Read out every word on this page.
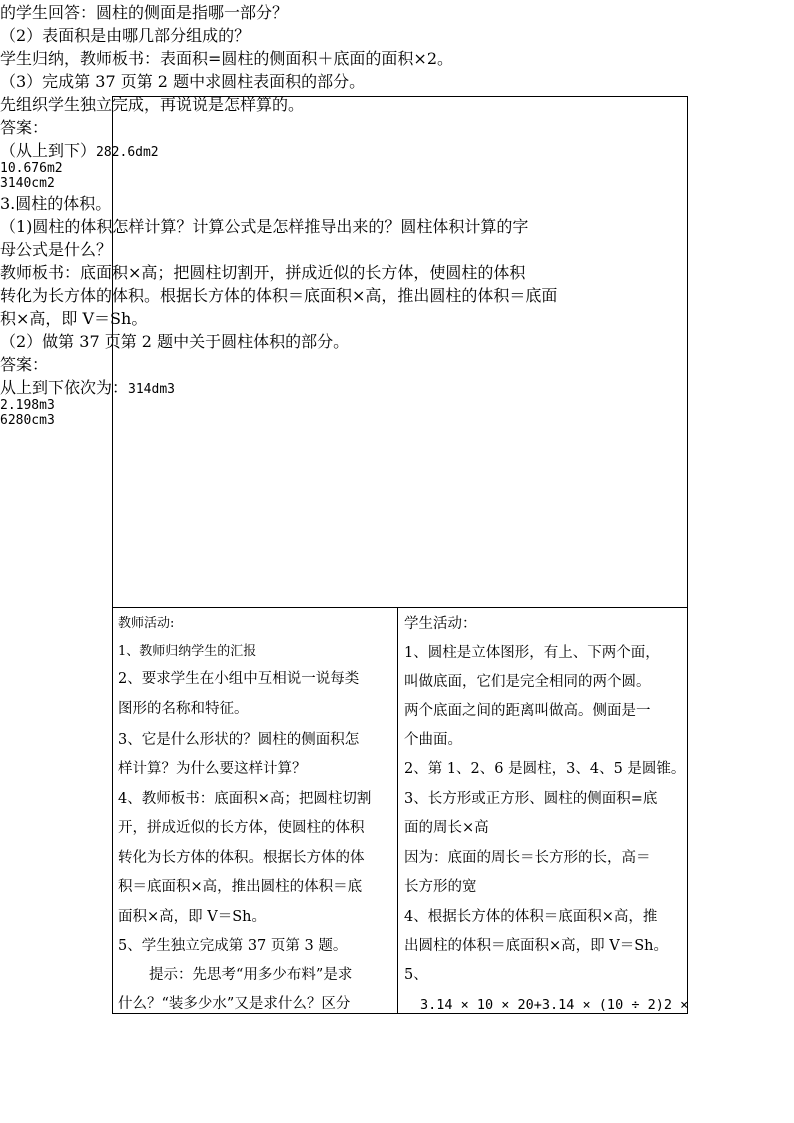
的学生回答：圆柱的侧面是指哪一部分？
（2）表面积是由哪几部分组成的？
学生归纳，教师板书：表面积=圆柱的侧面积＋底面的面积×2。
（3）完成第 37 页第 2 题中求圆柱表面积的部分。
先组织学生独立完成，再说说是怎样算的。
答案：
（从上到下）282.6dm2
10.676m2
3140cm2
3.圆柱的体积。
（1)圆柱的体积怎样计算？计算公式是怎样推导出来的？圆柱体积计算的字
母公式是什么？
教师板书：底面积×高；把圆柱切割开，拼成近似的长方体，使圆柱的体积
转化为长方体的体积。根据长方体的体积＝底面积×高，推出圆柱的体积＝底面
积×高，即 V＝Sh。
（2）做第 37 页第 2 题中关于圆柱体积的部分。
答案：
从上到下依次为：314dm3
2.198m3
6280cm3
教师活动:
1、教师归纳学生的汇报
2、要求学生在小组中互相说一说每类
图形的名称和特征。
3、它是什么形状的？圆柱的侧面积怎
样计算？为什么要这样计算？
4、教师板书：底面积×高；把圆柱切割
开，拼成近似的长方体，使圆柱的体积
转化为长方体的体积。根据长方体的体
积＝底面积×高，推出圆柱的体积＝底
面积×高，即 V＝Sh。
5、学生独立完成第 37 页第 3 题。
提示：先思考“用多少布料”是求
什么？“装多少水”又是求什么？区分
学生活动：
1、圆柱是立体图形，有上、下两个面，
叫做底面，它们是完全相同的两个圆。
两个底面之间的距离叫做高。侧面是一
个曲面。
2、第 1、2、6 是圆柱，3、4、5 是圆锥。
3、长方形或正方形、圆柱的侧面积=底
面的周长×高
因为：底面的周长＝长方形的长，高＝
长方形的宽
4、根据长方体的体积＝底面积×高，推
出圆柱的体积＝底面积×高，即 V＝Sh。
5、
3.14 × 10 × 20+3.14 × (10 ÷ 2)2 ×
